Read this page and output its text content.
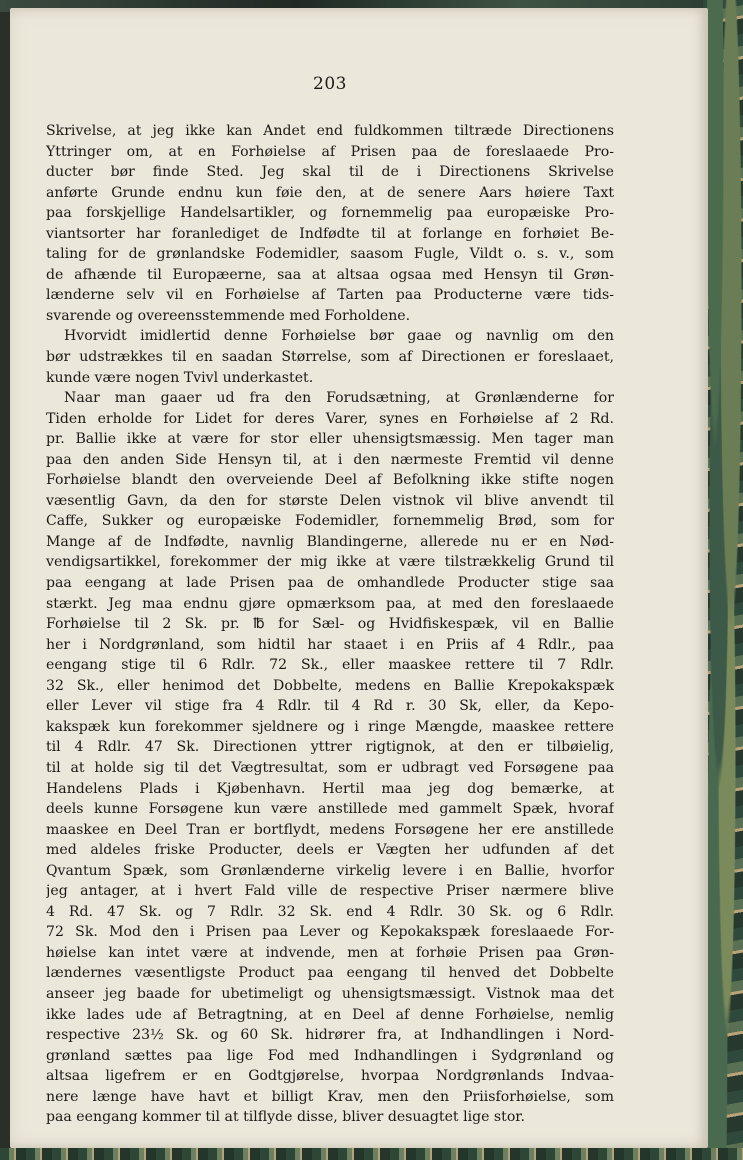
203
Skrivelse, at jeg ikke kan Andet end fuldkommen tiltræde Directionens
Yttringer om, at en Forhøielse af Prisen paa de foreslaaede Pro-
ducter bør finde Sted. Jeg skal til de i Directionens Skrivelse
anførte Grunde endnu kun føie den, at de senere Aars høiere Taxt
paa forskjellige Handelsartikler, og fornemmelig paa europæiske Pro-
viantsorter har foranlediget de Indfødte til at forlange en forhøiet Be-
taling for de grønlandske Fodemidler, saasom Fugle, Vildt o. s. v., som
de afhænde til Europæerne, saa at altsaa ogsaa med Hensyn til Grøn-
lænderne selv vil en Forhøielse af Tarten paa Producterne være tids-
svarende og overeensstemmende med Forholdene.
Hvorvidt imidlertid denne Forhøielse bør gaae og navnlig om den
bør udstrækkes til en saadan Størrelse, som af Directionen er foreslaaet,
kunde være nogen Tvivl underkastet.
Naar man gaaer ud fra den Forudsætning, at Grønlænderne for
Tiden erholde for Lidet for deres Varer, synes en Forhøielse af 2 Rd.
pr. Ballie ikke at være for stor eller uhensigtsmæssig. Men tager man
paa den anden Side Hensyn til, at i den nærmeste Fremtid vil denne
Forhøielse blandt den overveiende Deel af Befolkning ikke stifte nogen
væsentlig Gavn, da den for største Delen vistnok vil blive anvendt til
Caffe, Sukker og europæiske Fodemidler, fornemmelig Brød, som for
Mange af de Indfødte, navnlig Blandingerne, allerede nu er en Nød-
vendigsartikkel, forekommer der mig ikke at være tilstrækkelig Grund til
paa eengang at lade Prisen paa de omhandlede Producter stige saa
stærkt. Jeg maa endnu gjøre opmærksom paa, at med den foreslaaede
Forhøielse til 2 Sk. pr. ℔ for Sæl- og Hvidfiskespæk, vil en Ballie
her i Nordgrønland, som hidtil har staaet i en Priis af 4 Rdlr., paa
eengang stige til 6 Rdlr. 72 Sk., eller maaskee rettere til 7 Rdlr.
32 Sk., eller henimod det Dobbelte, medens en Ballie Krepokakspæk
eller Lever vil stige fra 4 Rdlr. til 4 Rd r. 30 Sk, eller, da Kepo-
kakspæk kun forekommer sjeldnere og i ringe Mængde, maaskee rettere
til 4 Rdlr. 47 Sk. Directionen yttrer rigtignok, at den er tilbøielig,
til at holde sig til det Vægtresultat, som er udbragt ved Forsøgene paa
Handelens Plads i Kjøbenhavn. Hertil maa jeg dog bemærke, at
deels kunne Forsøgene kun være anstillede med gammelt Spæk, hvoraf
maaskee en Deel Tran er bortflydt, medens Forsøgene her ere anstillede
med aldeles friske Producter, deels er Vægten her udfunden af det
Qvantum Spæk, som Grønlænderne virkelig levere i en Ballie, hvorfor
jeg antager, at i hvert Fald ville de respective Priser nærmere blive
4 Rd. 47 Sk. og 7 Rdlr. 32 Sk. end 4 Rdlr. 30 Sk. og 6 Rdlr.
72 Sk. Mod den i Prisen paa Lever og Kepokakspæk foreslaaede For-
høielse kan intet være at indvende, men at forhøie Prisen paa Grøn-
lændernes væsentligste Product paa eengang til henved det Dobbelte
anseer jeg baade for ubetimeligt og uhensigtsmæssigt. Vistnok maa det
ikke lades ude af Betragtning, at en Deel af denne Forhøielse, nemlig
respective 23½ Sk. og 60 Sk. hidrører fra, at Indhandlingen i Nord-
grønland sættes paa lige Fod med Indhandlingen i Sydgrønland og
altsaa ligefrem er en Godtgjørelse, hvorpaa Nordgrønlands Indvaa-
nere længe have havt et billigt Krav, men den Priisforhøielse, som
paa eengang kommer til at tilflyde disse, bliver desuagtet lige stor.
